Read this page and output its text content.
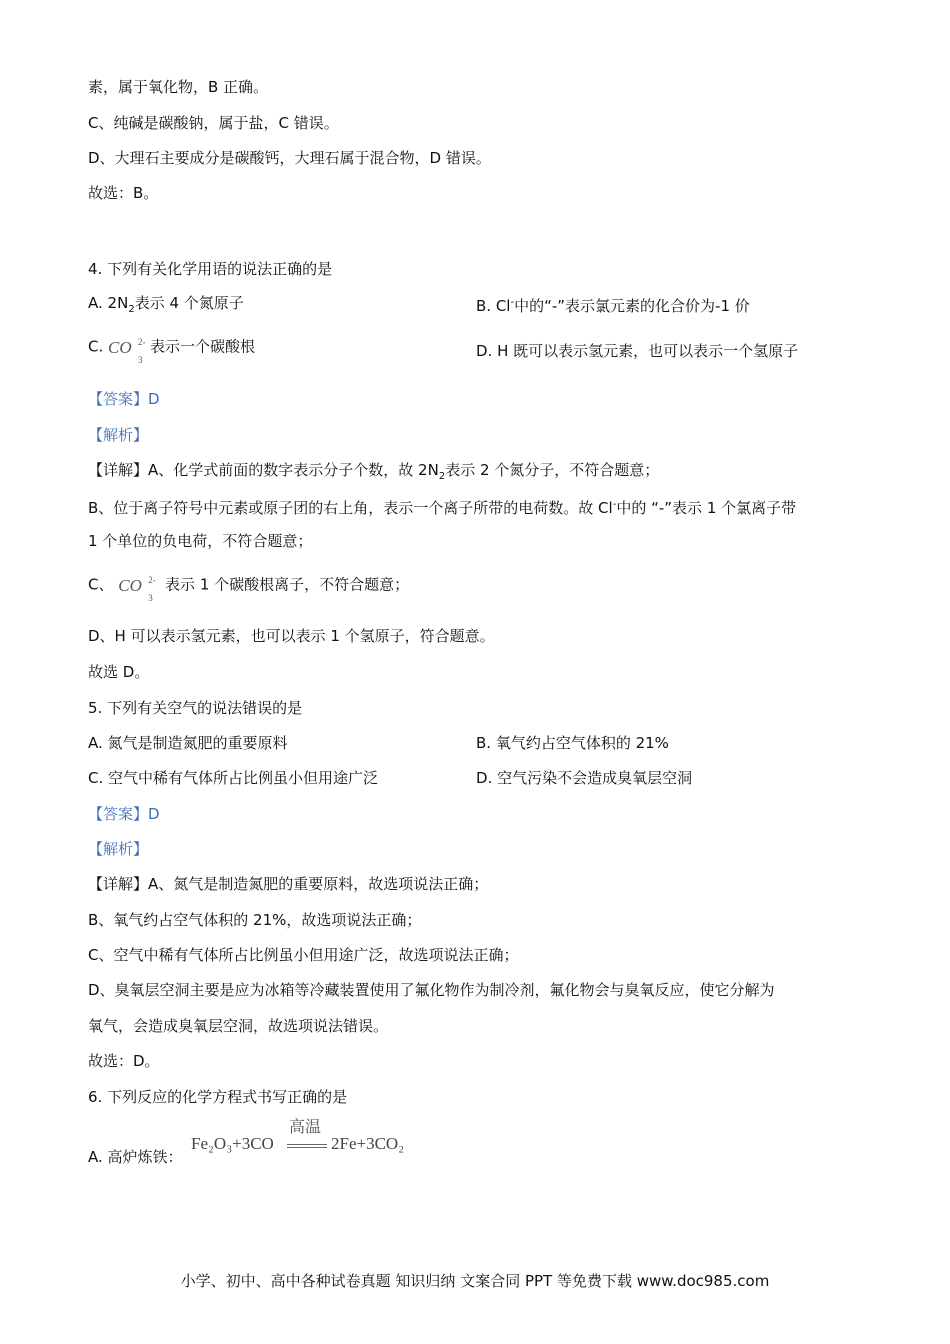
素，属于氧化物，B 正确。
C、纯碱是碳酸钠，属于盐，C 错误。
D、大理石主要成分是碳酸钙，大理石属于混合物，D 错误。
故选：B。
4. 下列有关化学用语的说法正确的是
A. $2N_2$表示 4 个氮原子	B. Cl-中的“-”表示氯元素的化合价为-1 价
C. CO 2-
3
表示一个碳酸根	D. H 既可以表示氢元素，也可以表示一个氢原子
【答案】D
【解析】
【详解】A、化学式前面的数字表示分子个数，故 $2N_2$表示 2 个氮分子，不符合题意；
B、位于离子符号中元素或原子团的右上角，表示一个离子所带的电荷数。故 Cl-中的 “-”表示 1 个氯离子带
1 个单位的负电荷，不符合题意；
C、 CO 2-
3
表示 1 个碳酸根离子，不符合题意；
D、H 可以表示氢元素，也可以表示 1 个氢原子，符合题意。
故选 D。
5. 下列有关空气的说法错误的是
A. 氮气是制造氮肥的重要原料	B. 氧气约占空气体积的 21%
C. 空气中稀有气体所占比例虽小但用途广泛	D. 空气污染不会造成臭氧层空洞
【答案】D
【解析】
【详解】A、氮气是制造氮肥的重要原料，故选项说法正确；
B、氧气约占空气体积的 21%，故选项说法正确；
C、空气中稀有气体所占比例虽小但用途广泛，故选项说法正确；
D、臭氧层空洞主要是应为冰箱等冷藏装置使用了氟化物作为制冷剂，氟化物会与臭氧反应，使它分解为
氧气，会造成臭氧层空洞，故选项说法错误。
故选：D。
6. 下列反应的化学方程式书写正确的是
A. 高炉炼铁：
Fe₂O₃+3CO
高温
2Fe+3CO₂
小学、初中、高中各种试卷真题 知识归纳 文案合同 PPT 等免费下载 www.doc985.com
